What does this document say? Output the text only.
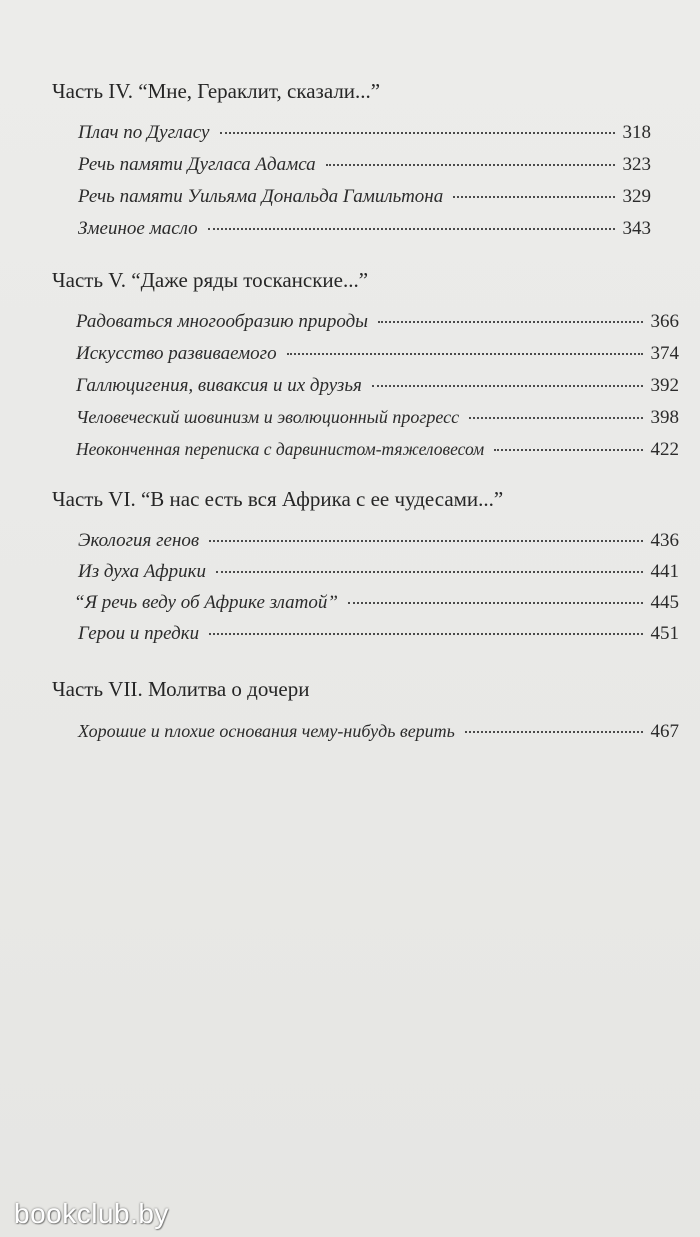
Часть IV. “Мне, Гераклит, сказали...”
Плач по Дугласу	318
Речь памяти Дугласа Адамса	323
Речь памяти Уильяма Дональда Гамильтона	329
Змеиное масло	343
Часть V. “Даже ряды тосканские...”
Радоваться многообразию природы	366
Искусство развиваемого	374
Галлюцигения, виваксия и их друзья	392
Человеческий шовинизм и эволюционный прогресс	398
Неоконченная переписка с дарвинистом-тяжеловесом	422
Часть VI. “В нас есть вся Африка с ее чудесами...”
Экология генов	436
Из духа Африки	441
“Я речь веду об Африке златой”	445
Герои и предки	451
Часть VII. Молитва о дочери
Хорошие и плохие основания чему-нибудь верить	467
bookclub.by
